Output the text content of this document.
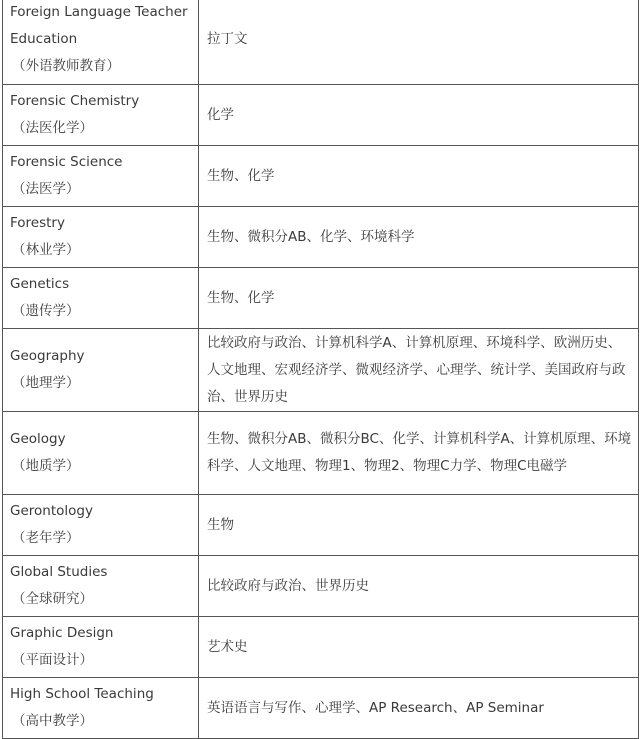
Foreign Language Teacher Education
（外语教师教育）	拉丁文
Forensic Chemistry
（法医化学）	化学
Forensic Science
（法医学）	生物、化学
Forestry
（林业学）	生物、微积分AB、化学、环境科学
Genetics
（遗传学）	生物、化学
Geography
（地理学）	比较政府与政治、计算机科学A、计算机原理、环境科学、欧洲历史、人文地理、宏观经济学、微观经济学、心理学、统计学、美国政府与政治、世界历史
Geology
（地质学）	生物、微积分AB、微积分BC、化学、计算机科学A、计算机原理、环境科学、人文地理、物理1、物理2、物理C力学、物理C电磁学
Gerontology
（老年学）	生物
Global Studies
（全球研究）	比较政府与政治、世界历史
Graphic Design
（平面设计）	艺术史
High School Teaching
（高中教学）	英语语言与写作、心理学、AP Research、AP Seminar
